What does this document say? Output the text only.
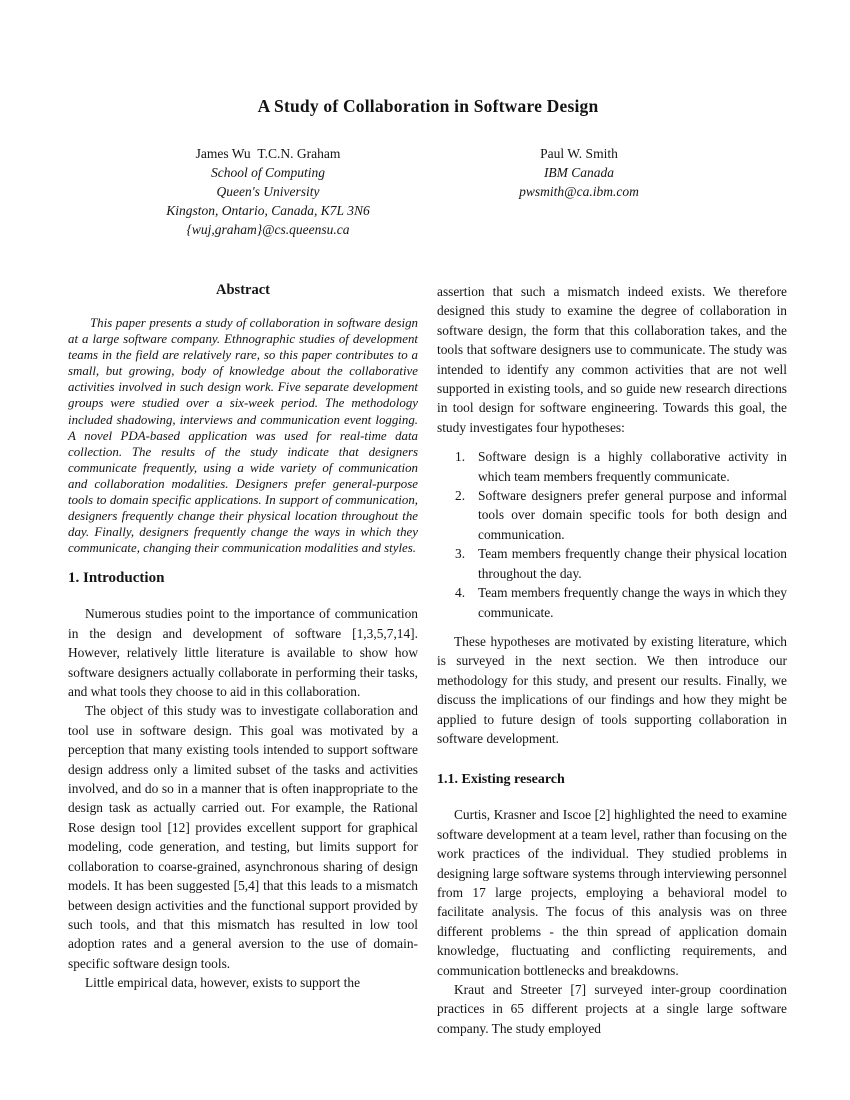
A Study of Collaboration in Software Design
James Wu  T.C.N. Graham
School of Computing
Queen's University
Kingston, Ontario, Canada, K7L 3N6
{wuj,graham}@cs.queensu.ca
Paul W. Smith
IBM Canada
pwsmith@ca.ibm.com
Abstract

This paper presents a study of collaboration in software design at a large software company. Ethnographic studies of development teams in the field are relatively rare, so this paper contributes to a small, but growing, body of knowledge about the collaborative activities involved in such design work. Five separate development groups were studied over a six-week period. The methodology included shadowing, interviews and communication event logging. A novel PDA-based application was used for real-time data collection. The results of the study indicate that designers communicate frequently, using a wide variety of communication and collaboration modalities. Designers prefer general-purpose tools to domain specific applications. In support of communication, designers frequently change their physical location throughout the day. Finally, designers frequently change the ways in which they communicate, changing their communication modalities and styles.

1. Introduction

Numerous studies point to the importance of communication in the design and development of software [1,3,5,7,14]. However, relatively little literature is available to show how software designers actually collaborate in performing their tasks, and what tools they choose to aid in this collaboration.

The object of this study was to investigate collaboration and tool use in software design. This goal was motivated by a perception that many existing tools intended to support software design address only a limited subset of the tasks and activities involved, and do so in a manner that is often inappropriate to the design task as actually carried out. For example, the Rational Rose design tool [12] provides excellent support for graphical modeling, code generation, and testing, but limits support for collaboration to coarse-grained, asynchronous sharing of design models. It has been suggested [5,4] that this leads to a mismatch between design activities and the functional support provided by such tools, and that this mismatch has resulted in low tool adoption rates and a general aversion to the use of domain-specific software design tools.

Little empirical data, however, exists to support the

assertion that such a mismatch indeed exists. We therefore designed this study to examine the degree of collaboration in software design, the form that this collaboration takes, and the tools that software designers use to communicate. The study was intended to identify any common activities that are not well supported in existing tools, and so guide new research directions in tool design for software engineering. Towards this goal, the study investigates four hypotheses:

1. Software design is a highly collaborative activity in which team members frequently communicate.
2. Software designers prefer general purpose and informal tools over domain specific tools for both design and communication.
3. Team members frequently change their physical location throughout the day.
4. Team members frequently change the ways in which they communicate.

These hypotheses are motivated by existing literature, which is surveyed in the next section. We then introduce our methodology for this study, and present our results. Finally, we discuss the implications of our findings and how they might be applied to future design of tools supporting collaboration in software development.

1.1. Existing research

Curtis, Krasner and Iscoe [2] highlighted the need to examine software development at a team level, rather than focusing on the work practices of the individual. They studied problems in designing large software systems through interviewing personnel from 17 large projects, employing a behavioral model to facilitate analysis. The focus of this analysis was on three different problems - the thin spread of application domain knowledge, fluctuating and conflicting requirements, and communication bottlenecks and breakdowns.

Kraut and Streeter [7] surveyed inter-group coordination practices in 65 different projects at a single large software company. The study employed
